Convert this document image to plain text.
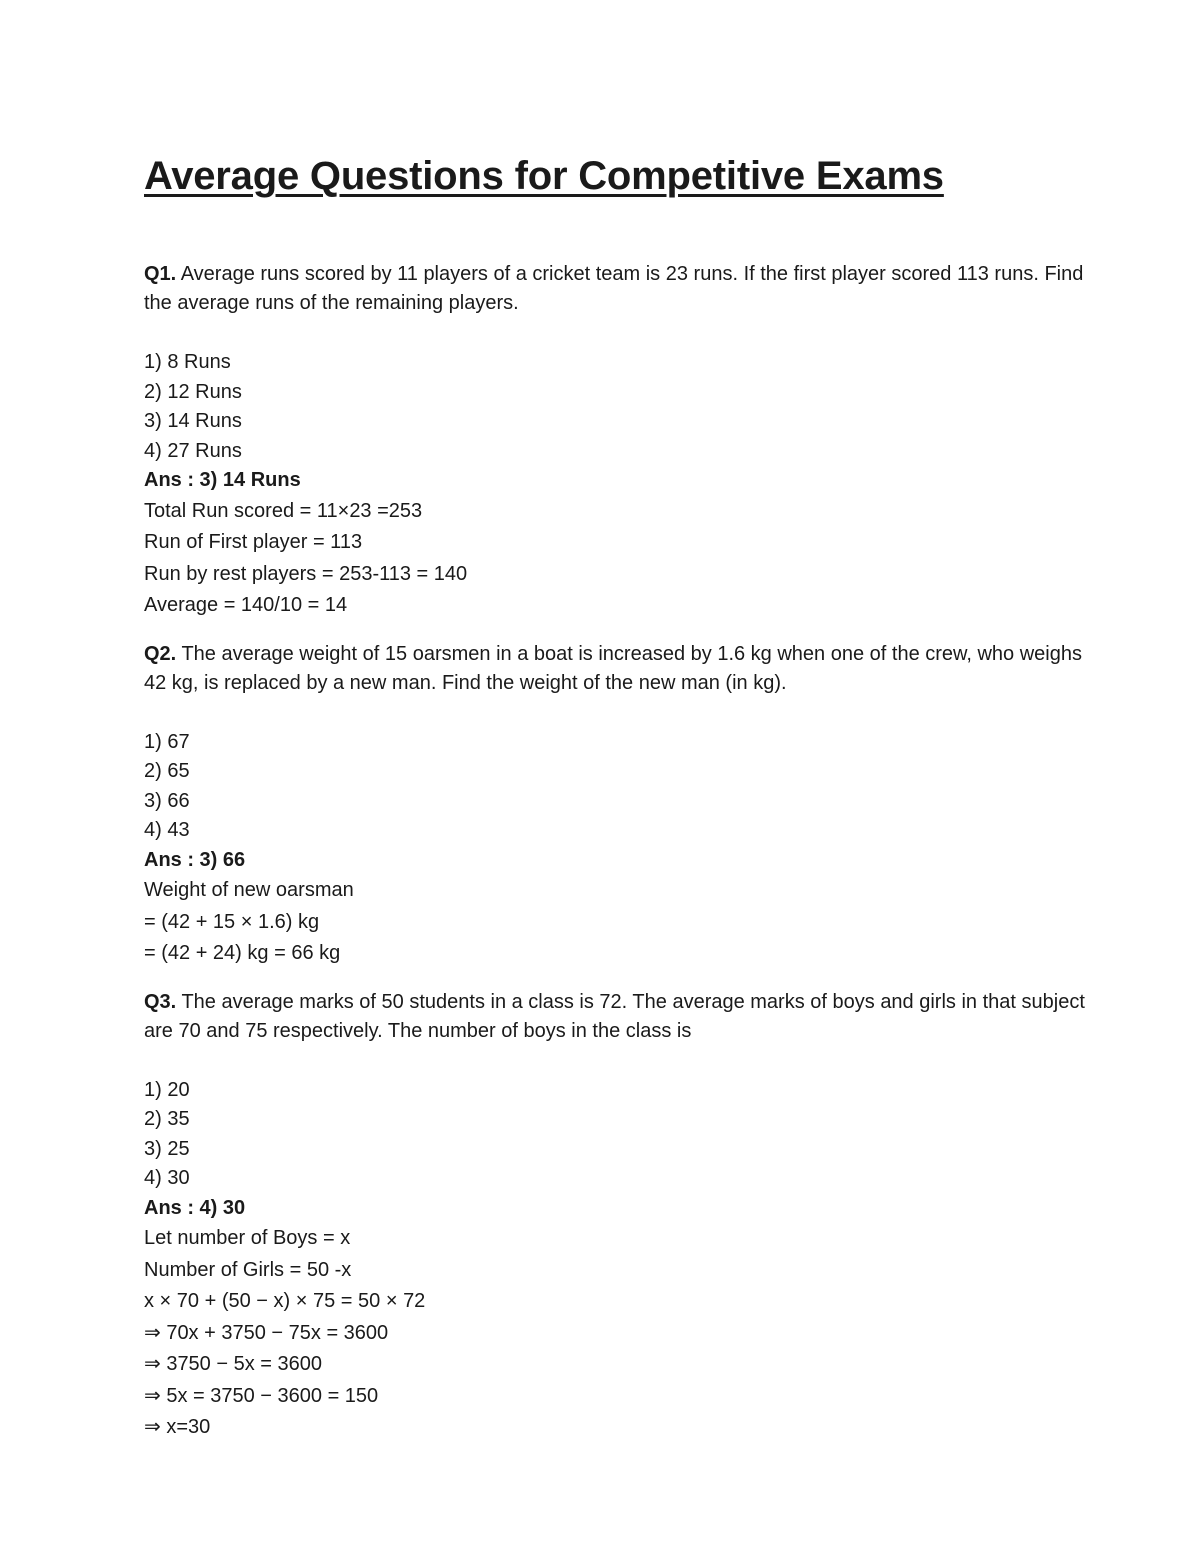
Average Questions for Competitive Exams

Q1. Average runs scored by 11 players of a cricket team is 23 runs. If the first player scored 113 runs. Find the average runs of the remaining players.

1) 8 Runs
2) 12 Runs
3) 14 Runs
4) 27 Runs
Ans : 3) 14 Runs
Total Run scored = 11×23 =253
Run of First player = 113
Run by rest players = 253-113 = 140
Average = 140/10 = 14

Q2. The average weight of 15 oarsmen in a boat is increased by 1.6 kg when one of the crew, who weighs 42 kg, is replaced by a new man. Find the weight of the new man (in kg).

1) 67
2) 65
3) 66
4) 43
Ans : 3) 66
Weight of new oarsman
= (42 + 15 × 1.6) kg
= (42 + 24) kg = 66 kg

Q3. The average marks of 50 students in a class is 72. The average marks of boys and girls in that subject are 70 and 75 respectively. The number of boys in the class is

1) 20
2) 35
3) 25
4) 30
Ans : 4) 30
Let number of Boys = x
Number of Girls = 50 -x
x × 70 + (50 − x) × 75 = 50 × 72
⇒ 70x + 3750 − 75x = 3600
⇒ 3750 − 5x = 3600
⇒ 5x = 3750 − 3600 = 150
⇒ x=30
